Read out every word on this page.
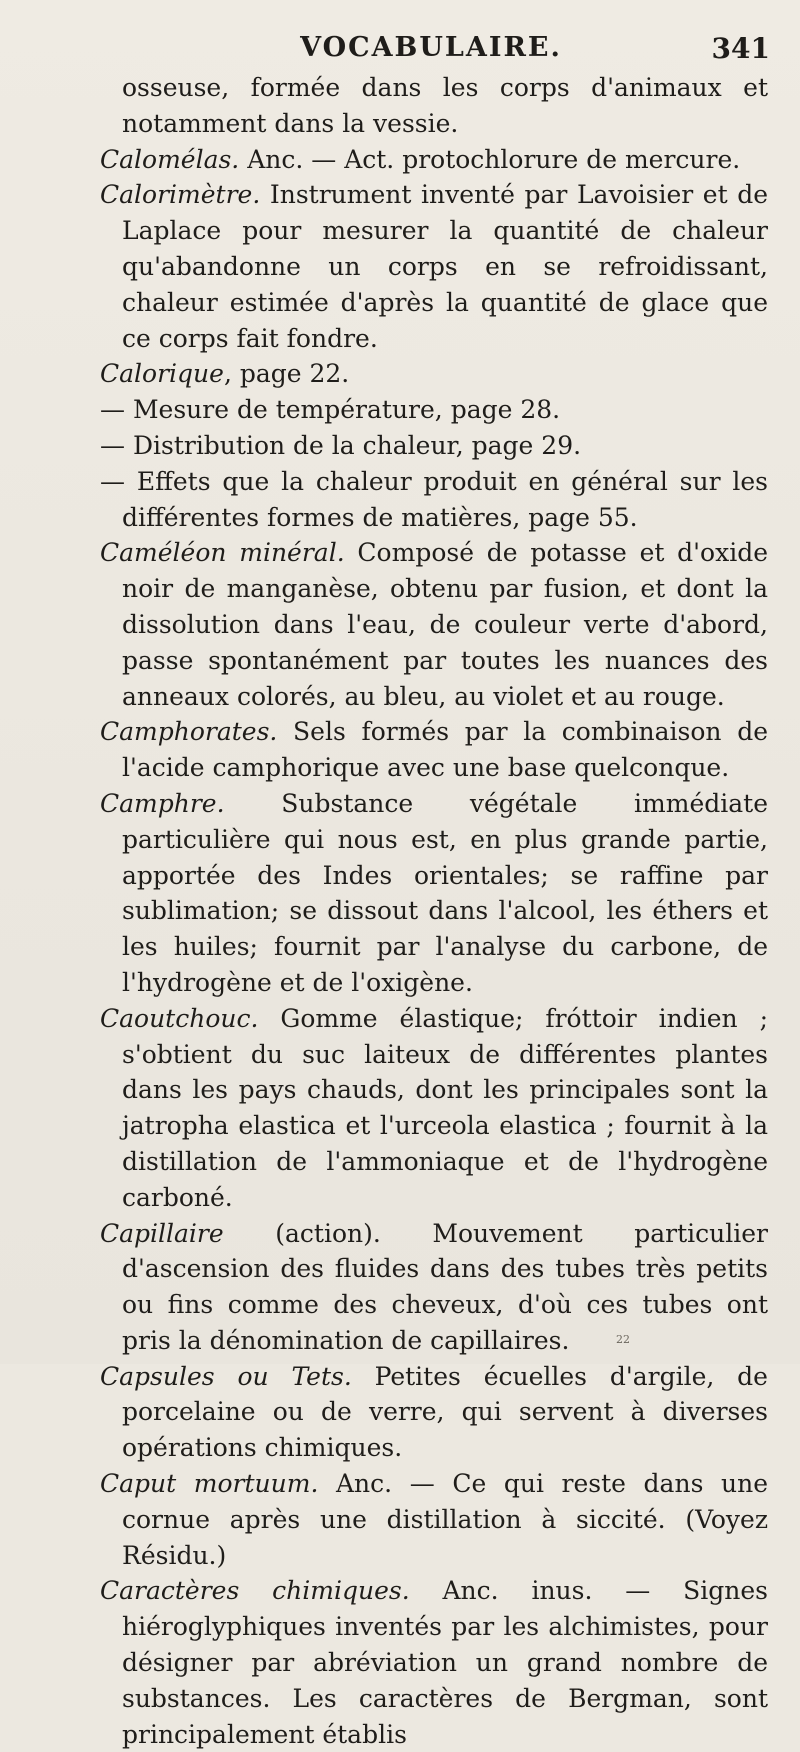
VOCABULAIRE.	341

osseuse, formée dans les corps d'animaux et notamment dans la vessie.

Calomélas. Anc. — Act. protochlorure de mercure.

Calorimètre. Instrument inventé par Lavoisier et de Laplace pour mesurer la quantité de chaleur qu'abandonne un corps en se refroidissant, chaleur estimée d'après la quantité de glace que ce corps fait fondre.

Calorique, page 22.

— Mesure de température, page 28.

— Distribution de la chaleur, page 29.

— Effets que la chaleur produit en général sur les différentes formes de matières, page 55.

Caméléon minéral. Composé de potasse et d'oxide noir de manganèse, obtenu par fusion, et dont la dissolution dans l'eau, de couleur verte d'abord, passe spontanément par toutes les nuances des anneaux colorés, au bleu, au violet et au rouge.

Camphorates. Sels formés par la combinaison de l'acide camphorique avec une base quelconque.

Camphre. Substance végétale immédiate particulière qui nous est, en plus grande partie, apportée des Indes orientales; se raffine par sublimation; se dissout dans l'alcool, les éthers et les huiles; fournit par l'analyse du carbone, de l'hydrogène et de l'oxigène.

Caoutchouc. Gomme élastique; fróttoir indien ; s'obtient du suc laiteux de différentes plantes dans les pays chauds, dont les principales sont la jatropha elastica et l'urceola elastica ; fournit à la distillation de l'ammoniaque et de l'hydrogène carboné.

Capillaire (action). Mouvement particulier d'ascension des fluides dans des tubes très petits ou fins comme des cheveux, d'où ces tubes ont pris la dénomination de capillaires.

Capsules ou Tets. Petites écuelles d'argile, de porcelaine ou de verre, qui servent à diverses opérations chimiques.

Caput mortuum. Anc. — Ce qui reste dans une cornue après une distillation à siccité. (Voyez Résidu.)

Caractères chimiques. Anc. inus. — Signes hiéroglyphiques inventés par les alchimistes, pour désigner par abréviation un grand nombre de substances. Les caractères de Bergman, sont principalement établis

22
